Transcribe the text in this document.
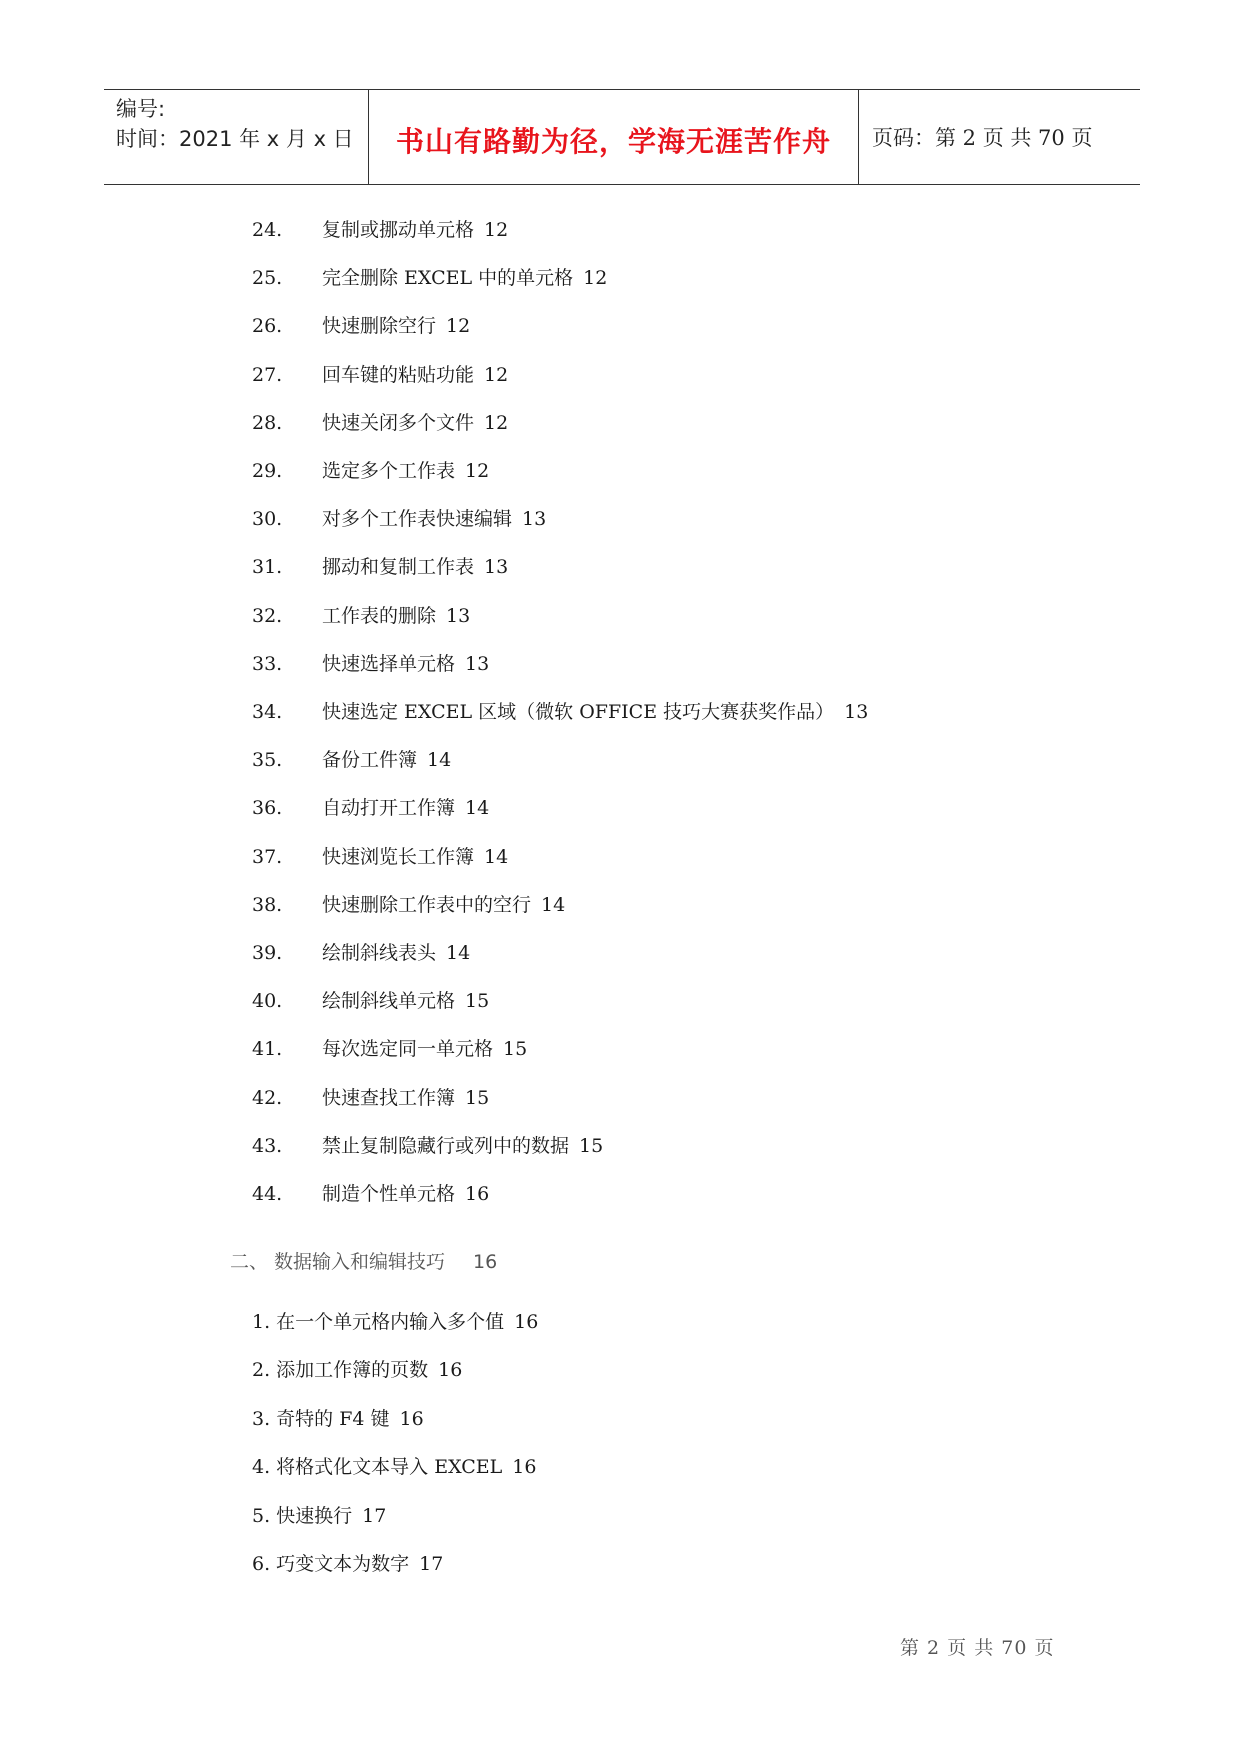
编号:
时间：2021 年 x 月 x 日	书山有路勤为径，学海无涯苦作舟	页码：第 2 页 共 70 页
24. 复制或挪动单元格 12
25. 完全删除 EXCEL 中的单元格 12
26. 快速删除空行 12
27. 回车键的粘贴功能 12
28. 快速关闭多个文件 12
29. 选定多个工作表 12
30. 对多个工作表快速编辑 13
31. 挪动和复制工作表 13
32. 工作表的删除 13
33. 快速选择单元格 13
34. 快速选定 EXCEL 区域（微软 OFFICE 技巧大赛获奖作品） 13
35. 备份工件簿 14
36. 自动打开工作簿 14
37. 快速浏览长工作簿 14
38. 快速删除工作表中的空行 14
39. 绘制斜线表头 14
40. 绘制斜线单元格 15
41. 每次选定同一单元格 15
42. 快速查找工作簿 15
43. 禁止复制隐藏行或列中的数据 15
44. 制造个性单元格 16
二、 数据输入和编辑技巧 16
1. 在一个单元格内输入多个值 16
2. 添加工作簿的页数 16
3. 奇特的 F4 键 16
4. 将格式化文本导入 EXCEL 16
5. 快速换行 17
6. 巧变文本为数字 17
第 2 页 共 70 页
